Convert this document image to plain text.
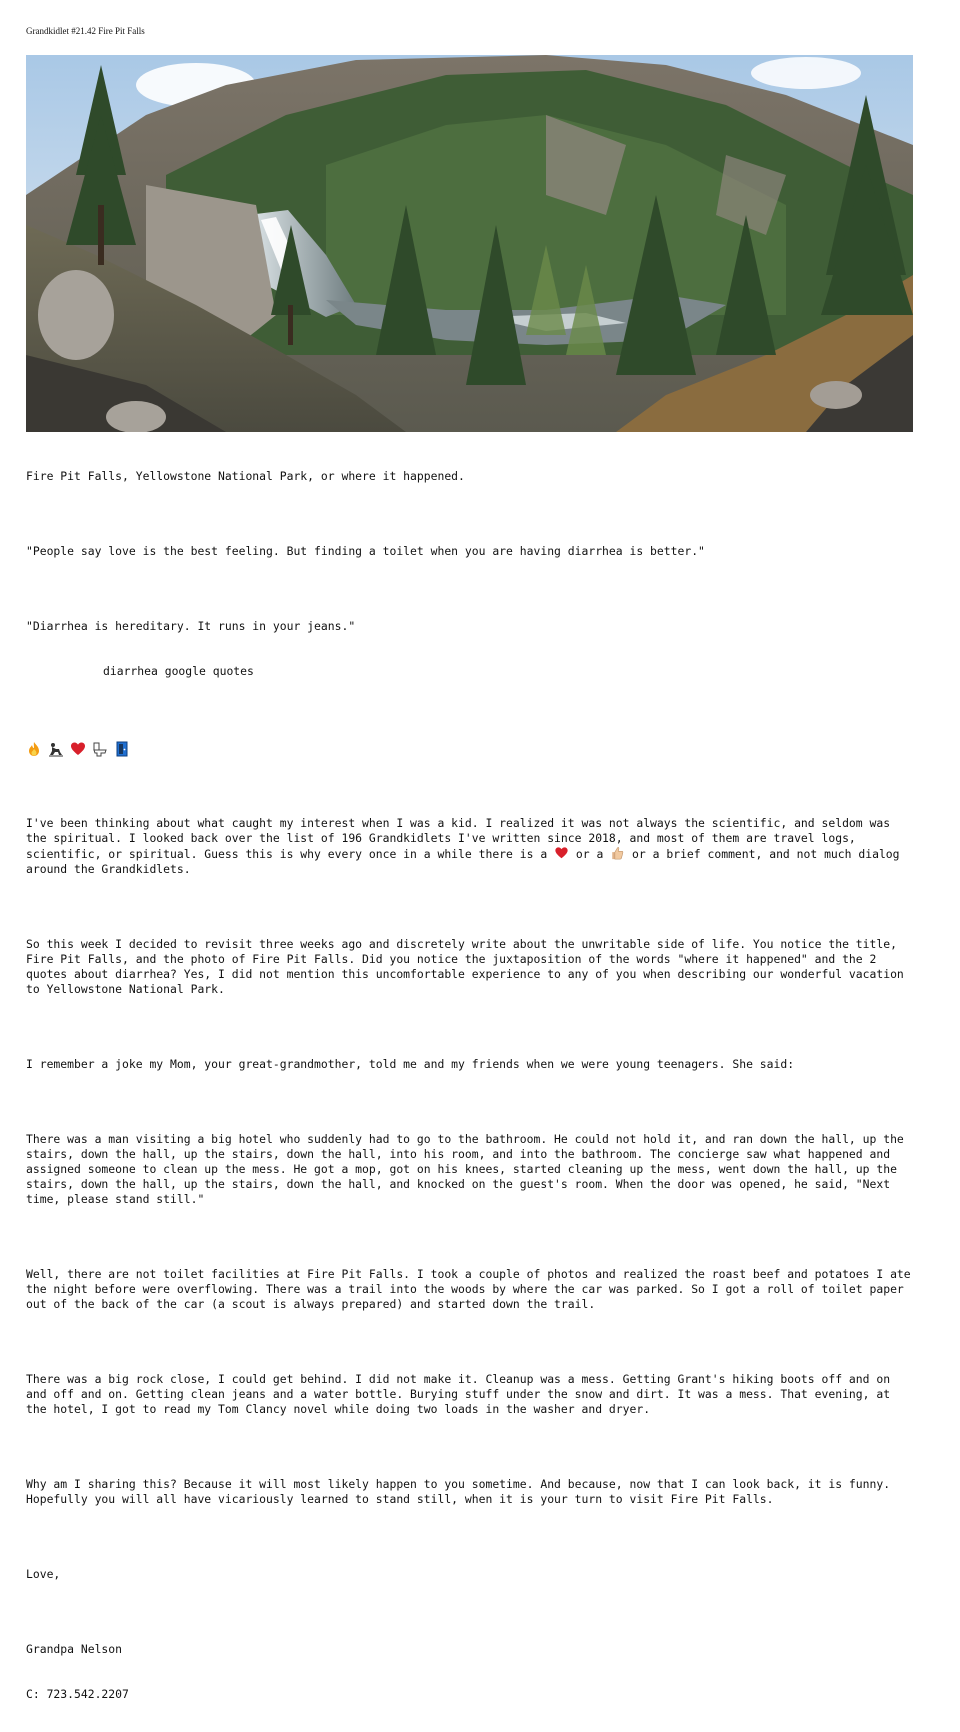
Grandkidlet #21.42 Fire Pit Falls

Fire Pit Falls, Yellowstone National Park, or where it happened.

"People say love is the best feeling. But finding a toilet when you are having diarrhea is better."

"Diarrhea is hereditary. It runs in your jeans."

diarrhea google quotes

I've been thinking about what caught my interest when I was a kid. I realized it was not always the scientific, and seldom was the spiritual. I looked back over the list of 196 Grandkidlets I've written since 2018, and most of them are travel logs, scientific, or spiritual. Guess this is why every once in a while there is a  or a  or a brief comment, and not much dialog around the Grandkidlets.

So this week I decided to revisit three weeks ago and discretely write about the unwritable side of life. You notice the title, Fire Pit Falls, and the photo of Fire Pit Falls. Did you notice the juxtaposition of the words "where it happened" and the 2 quotes about diarrhea? Yes, I did not mention this uncomfortable experience to any of you when describing our wonderful vacation to Yellowstone National Park.

I remember a joke my Mom, your great-grandmother, told me and my friends when we were young teenagers. She said:

There was a man visiting a big hotel who suddenly had to go to the bathroom. He could not hold it, and ran down the hall, up the stairs, down the hall, up the stairs, down the hall, into his room, and into the bathroom. The concierge saw what happened and assigned someone to clean up the mess. He got a mop, got on his knees, started cleaning up the mess, went down the hall, up the stairs, down the hall, up the stairs, down the hall, and knocked on the guest's room. When the door was opened, he said, "Next time, please stand still."

Well, there are not toilet facilities at Fire Pit Falls. I took a couple of photos and realized the roast beef and potatoes I ate the night before were overflowing. There was a trail into the woods by where the car was parked. So I got a roll of toilet paper out of the back of the car (a scout is always prepared) and started down the trail.

There was a big rock close, I could get behind. I did not make it. Cleanup was a mess. Getting Grant's hiking boots off and on and off and on. Getting clean jeans and a water bottle. Burying stuff under the snow and dirt. It was a mess. That evening, at the hotel, I got to read my Tom Clancy novel while doing two loads in the washer and dryer.

Why am I sharing this? Because it will most likely happen to you sometime. And because, now that I can look back, it is funny. Hopefully you will all have vicariously learned to stand still, when it is your turn to visit Fire Pit Falls.

Love,

Grandpa Nelson

C: 723.542.2207
